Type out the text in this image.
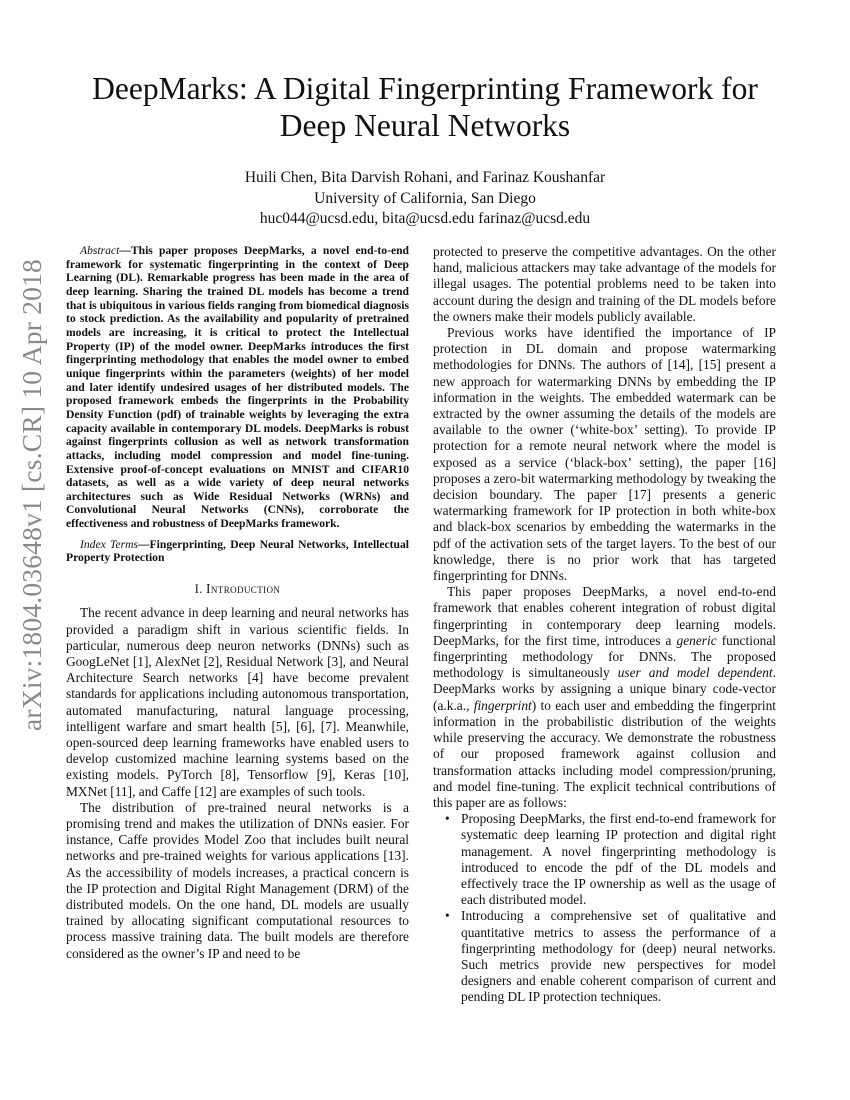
arXiv:1804.03648v1 [cs.CR] 10 Apr 2018
DeepMarks: A Digital Fingerprinting Framework for Deep Neural Networks
Huili Chen, Bita Darvish Rohani, and Farinaz Koushanfar
University of California, San Diego
huc044@ucsd.edu, bita@ucsd.edu farinaz@ucsd.edu

Abstract—This paper proposes DeepMarks, a novel end-to-end framework for systematic fingerprinting in the context of Deep Learning (DL). Remarkable progress has been made in the area of deep learning. Sharing the trained DL models has become a trend that is ubiquitous in various fields ranging from biomedical diagnosis to stock prediction. As the availability and popularity of pretrained models are increasing, it is critical to protect the Intellectual Property (IP) of the model owner. DeepMarks introduces the first fingerprinting methodology that enables the model owner to embed unique fingerprints within the parameters (weights) of her model and later identify undesired usages of her distributed models. The proposed framework embeds the fingerprints in the Probability Density Function (pdf) of trainable weights by leveraging the extra capacity available in contemporary DL models. DeepMarks is robust against fingerprints collusion as well as network transformation attacks, including model compression and model fine-tuning. Extensive proof-of-concept evaluations on MNIST and CIFAR10 datasets, as well as a wide variety of deep neural networks architectures such as Wide Residual Networks (WRNs) and Convolutional Neural Networks (CNNs), corroborate the effectiveness and robustness of DeepMarks framework.

Index Terms—Fingerprinting, Deep Neural Networks, Intellectual Property Protection

I. Introduction

The recent advance in deep learning and neural networks has provided a paradigm shift in various scientific fields. In particular, numerous deep neuron networks (DNNs) such as GoogLeNet [1], AlexNet [2], Residual Network [3], and Neural Architecture Search networks [4] have become prevalent standards for applications including autonomous transportation, automated manufacturing, natural language processing, intelligent warfare and smart health [5], [6], [7]. Meanwhile, open-sourced deep learning frameworks have enabled users to develop customized machine learning systems based on the existing models. PyTorch [8], Tensorflow [9], Keras [10], MXNet [11], and Caffe [12] are examples of such tools.

The distribution of pre-trained neural networks is a promising trend and makes the utilization of DNNs easier. For instance, Caffe provides Model Zoo that includes built neural networks and pre-trained weights for various applications [13]. As the accessibility of models increases, a practical concern is the IP protection and Digital Right Management (DRM) of the distributed models. On the one hand, DL models are usually trained by allocating significant computational resources to process massive training data. The built models are therefore considered as the owner’s IP and need to be

protected to preserve the competitive advantages. On the other hand, malicious attackers may take advantage of the models for illegal usages. The potential problems need to be taken into account during the design and training of the DL models before the owners make their models publicly available.

Previous works have identified the importance of IP protection in DL domain and propose watermarking methodologies for DNNs. The authors of [14], [15] present a new approach for watermarking DNNs by embedding the IP information in the weights. The embedded watermark can be extracted by the owner assuming the details of the models are available to the owner (‘white-box’ setting). To provide IP protection for a remote neural network where the model is exposed as a service (‘black-box’ setting), the paper [16] proposes a zero-bit watermarking methodology by tweaking the decision boundary. The paper [17] presents a generic watermarking framework for IP protection in both white-box and black-box scenarios by embedding the watermarks in the pdf of the activation sets of the target layers. To the best of our knowledge, there is no prior work that has targeted fingerprinting for DNNs.

This paper proposes DeepMarks, a novel end-to-end framework that enables coherent integration of robust digital fingerprinting in contemporary deep learning models. DeepMarks, for the first time, introduces a generic functional fingerprinting methodology for DNNs. The proposed methodology is simultaneously user and model dependent. DeepMarks works by assigning a unique binary code-vector (a.k.a., fingerprint) to each user and embedding the fingerprint information in the probabilistic distribution of the weights while preserving the accuracy. We demonstrate the robustness of our proposed framework against collusion and transformation attacks including model compression/pruning, and model fine-tuning. The explicit technical contributions of this paper are as follows:

• Proposing DeepMarks, the first end-to-end framework for systematic deep learning IP protection and digital right management. A novel fingerprinting methodology is introduced to encode the pdf of the DL models and effectively trace the IP ownership as well as the usage of each distributed model.
• Introducing a comprehensive set of qualitative and quantitative metrics to assess the performance of a fingerprinting methodology for (deep) neural networks. Such metrics provide new perspectives for model designers and enable coherent comparison of current and pending DL IP protection techniques.
